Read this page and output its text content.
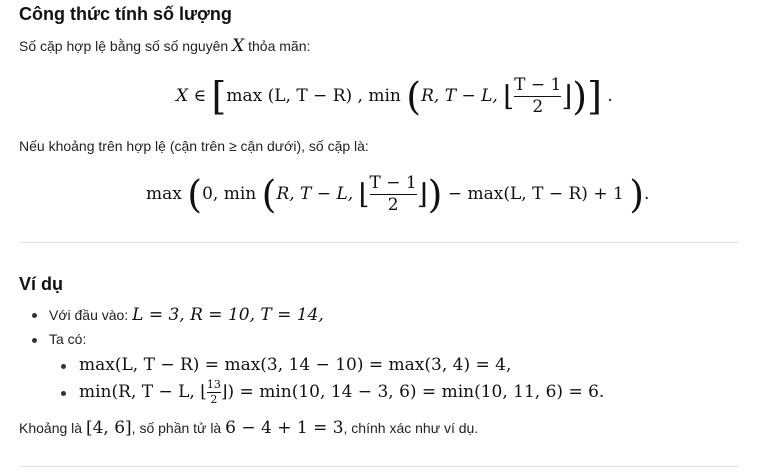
Công thức tính số lượng
Số cặp hợp lệ bằng số số nguyên X thỏa mãn:
X ∈ [max (L, T − R) , min (R, T − L, ⌊ $\frac{T - 1}{2}$ ⌋)] .
Nếu khoảng trên hợp lệ (cận trên ≥ cận dưới), số cặp là:
max (0, min (R, T − L, ⌊ $\frac{T - 1}{2}$ ⌋) − max(L, T − R) + 1 ).
Ví dụ
Với đầu vào: L = 3, R = 10, T = 14,
Ta có:
max(L, T − R) = max(3, 14 − 10) = max(3, 4) = 4,
min(R, T − L, ⌊ $\frac{13}{2}$ ⌋) = min(10, 14 − 3, 6) = min(10, 11, 6) = 6.
Khoảng là [4, 6], số phần tử là 6 − 4 + 1 = 3, chính xác như ví dụ.
